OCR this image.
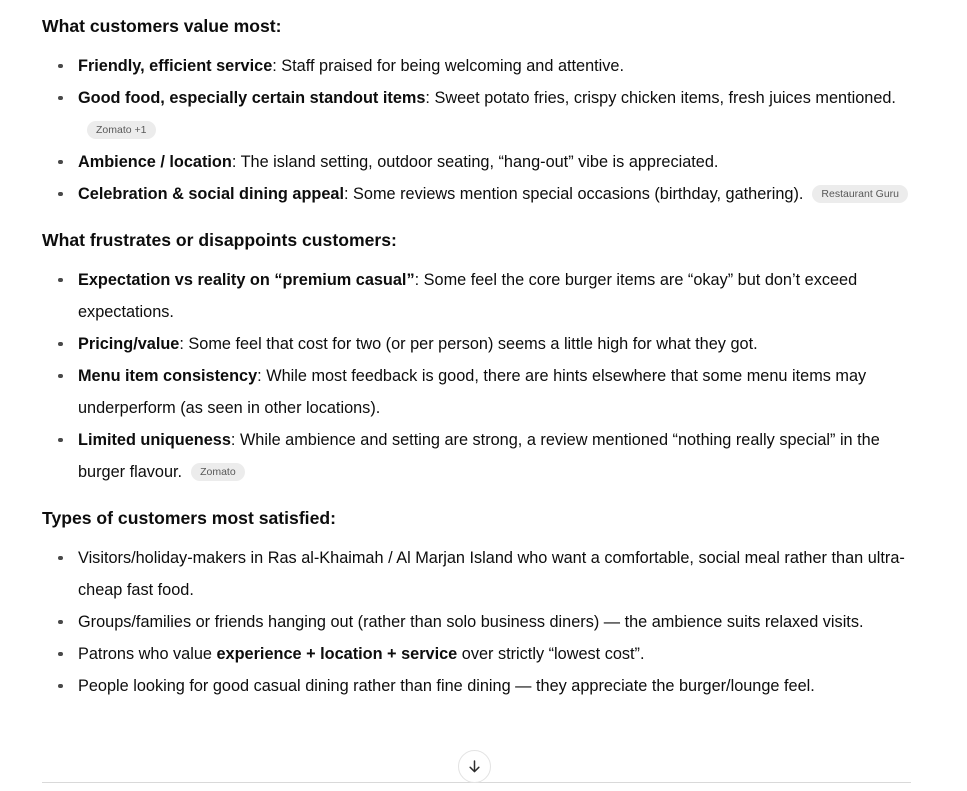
What customers value most:
Friendly, efficient service: Staff praised for being welcoming and attentive.
Good food, especially certain standout items: Sweet potato fries, crispy chicken items, fresh juices mentioned.Zomato +1
Ambience / location: The island setting, outdoor seating, “hang-out” vibe is appreciated.
Celebration & social dining appeal: Some reviews mention special occasions (birthday, gathering). Restaurant Guru
What frustrates or disappoints customers:
Expectation vs reality on “premium casual”: Some feel the core burger items are “okay” but don’t exceed expectations.
Pricing/value: Some feel that cost for two (or per person) seems a little high for what they got.
Menu item consistency: While most feedback is good, there are hints elsewhere that some menu items may underperform (as seen in other locations).
Limited uniqueness: While ambience and setting are strong, a review mentioned “nothing really special” in the burger flavour. Zomato
Types of customers most satisfied:
Visitors/holiday-makers in Ras al-Khaimah / Al Marjan Island who want a comfortable, social meal rather than ultra-cheap fast food.
Groups/families or friends hanging out (rather than solo business diners) — the ambience suits relaxed visits.
Patrons who value experience + location + service over strictly “lowest cost”.
People looking for good casual dining rather than fine dining — they appreciate the burger/lounge feel.
